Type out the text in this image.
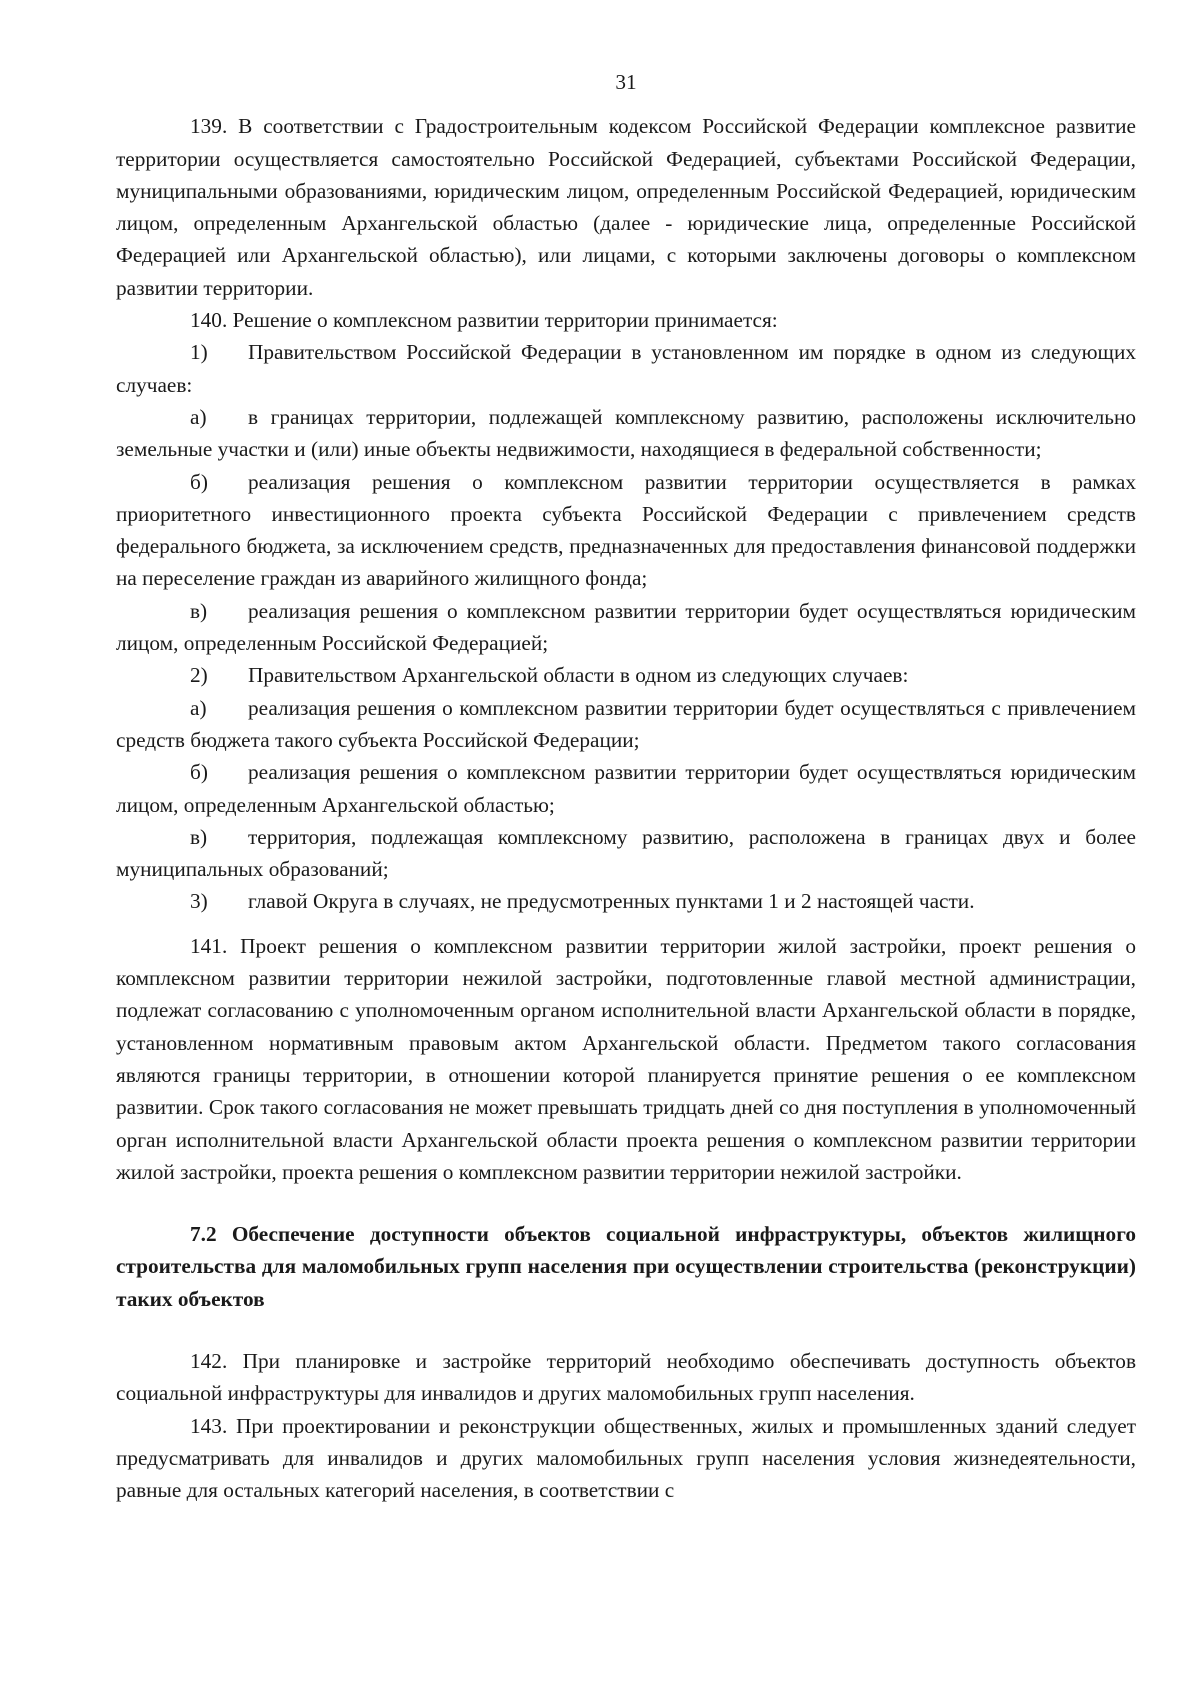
31

139. В соответствии с Градостроительным кодексом Российской Федерации комплексное развитие территории осуществляется самостоятельно Российской Федерацией, субъектами Российской Федерации, муниципальными образованиями, юридическим лицом, определенным Российской Федерацией, юридическим лицом, определенным Архангельской областью (далее - юридические лица, определенные Российской Федерацией или Архангельской областью), или лицами, с которыми заключены договоры о комплексном развитии территории.

140. Решение о комплексном развитии территории принимается:

1) Правительством Российской Федерации в установленном им порядке в одном из следующих случаев:

а) в границах территории, подлежащей комплексному развитию, расположены исключительно земельные участки и (или) иные объекты недвижимости, находящиеся в федеральной собственности;

б) реализация решения о комплексном развитии территории осуществляется в рамках приоритетного инвестиционного проекта субъекта Российской Федерации с привлечением средств федерального бюджета, за исключением средств, предназначенных для предоставления финансовой поддержки на переселение граждан из аварийного жилищного фонда;

в) реализация решения о комплексном развитии территории будет осуществляться юридическим лицом, определенным Российской Федерацией;

2) Правительством Архангельской области в одном из следующих случаев:

а) реализация решения о комплексном развитии территории будет осуществляться с привлечением средств бюджета такого субъекта Российской Федерации;

б) реализация решения о комплексном развитии территории будет осуществляться юридическим лицом, определенным Архангельской областью;

в) территория, подлежащая комплексному развитию, расположена в границах двух и более муниципальных образований;

3) главой Округа в случаях, не предусмотренных пунктами 1 и 2 настоящей части.

141. Проект решения о комплексном развитии территории жилой застройки, проект решения о комплексном развитии территории нежилой застройки, подготовленные главой местной администрации, подлежат согласованию с уполномоченным органом исполнительной власти Архангельской области в порядке, установленном нормативным правовым актом Архангельской области. Предметом такого согласования являются границы территории, в отношении которой планируется принятие решения о ее комплексном развитии. Срок такого согласования не может превышать тридцать дней со дня поступления в уполномоченный орган исполнительной власти Архангельской области проекта решения о комплексном развитии территории жилой застройки, проекта решения о комплексном развитии территории нежилой застройки.

7.2 Обеспечение доступности объектов социальной инфраструктуры, объектов жилищного строительства для маломобильных групп населения при осуществлении строительства (реконструкции) таких объектов

142. При планировке и застройке территорий необходимо обеспечивать доступность объектов социальной инфраструктуры для инвалидов и других маломобильных групп населения.

143. При проектировании и реконструкции общественных, жилых и промышленных зданий следует предусматривать для инвалидов и других маломобильных групп населения условия жизнедеятельности, равные для остальных категорий населения, в соответствии с
